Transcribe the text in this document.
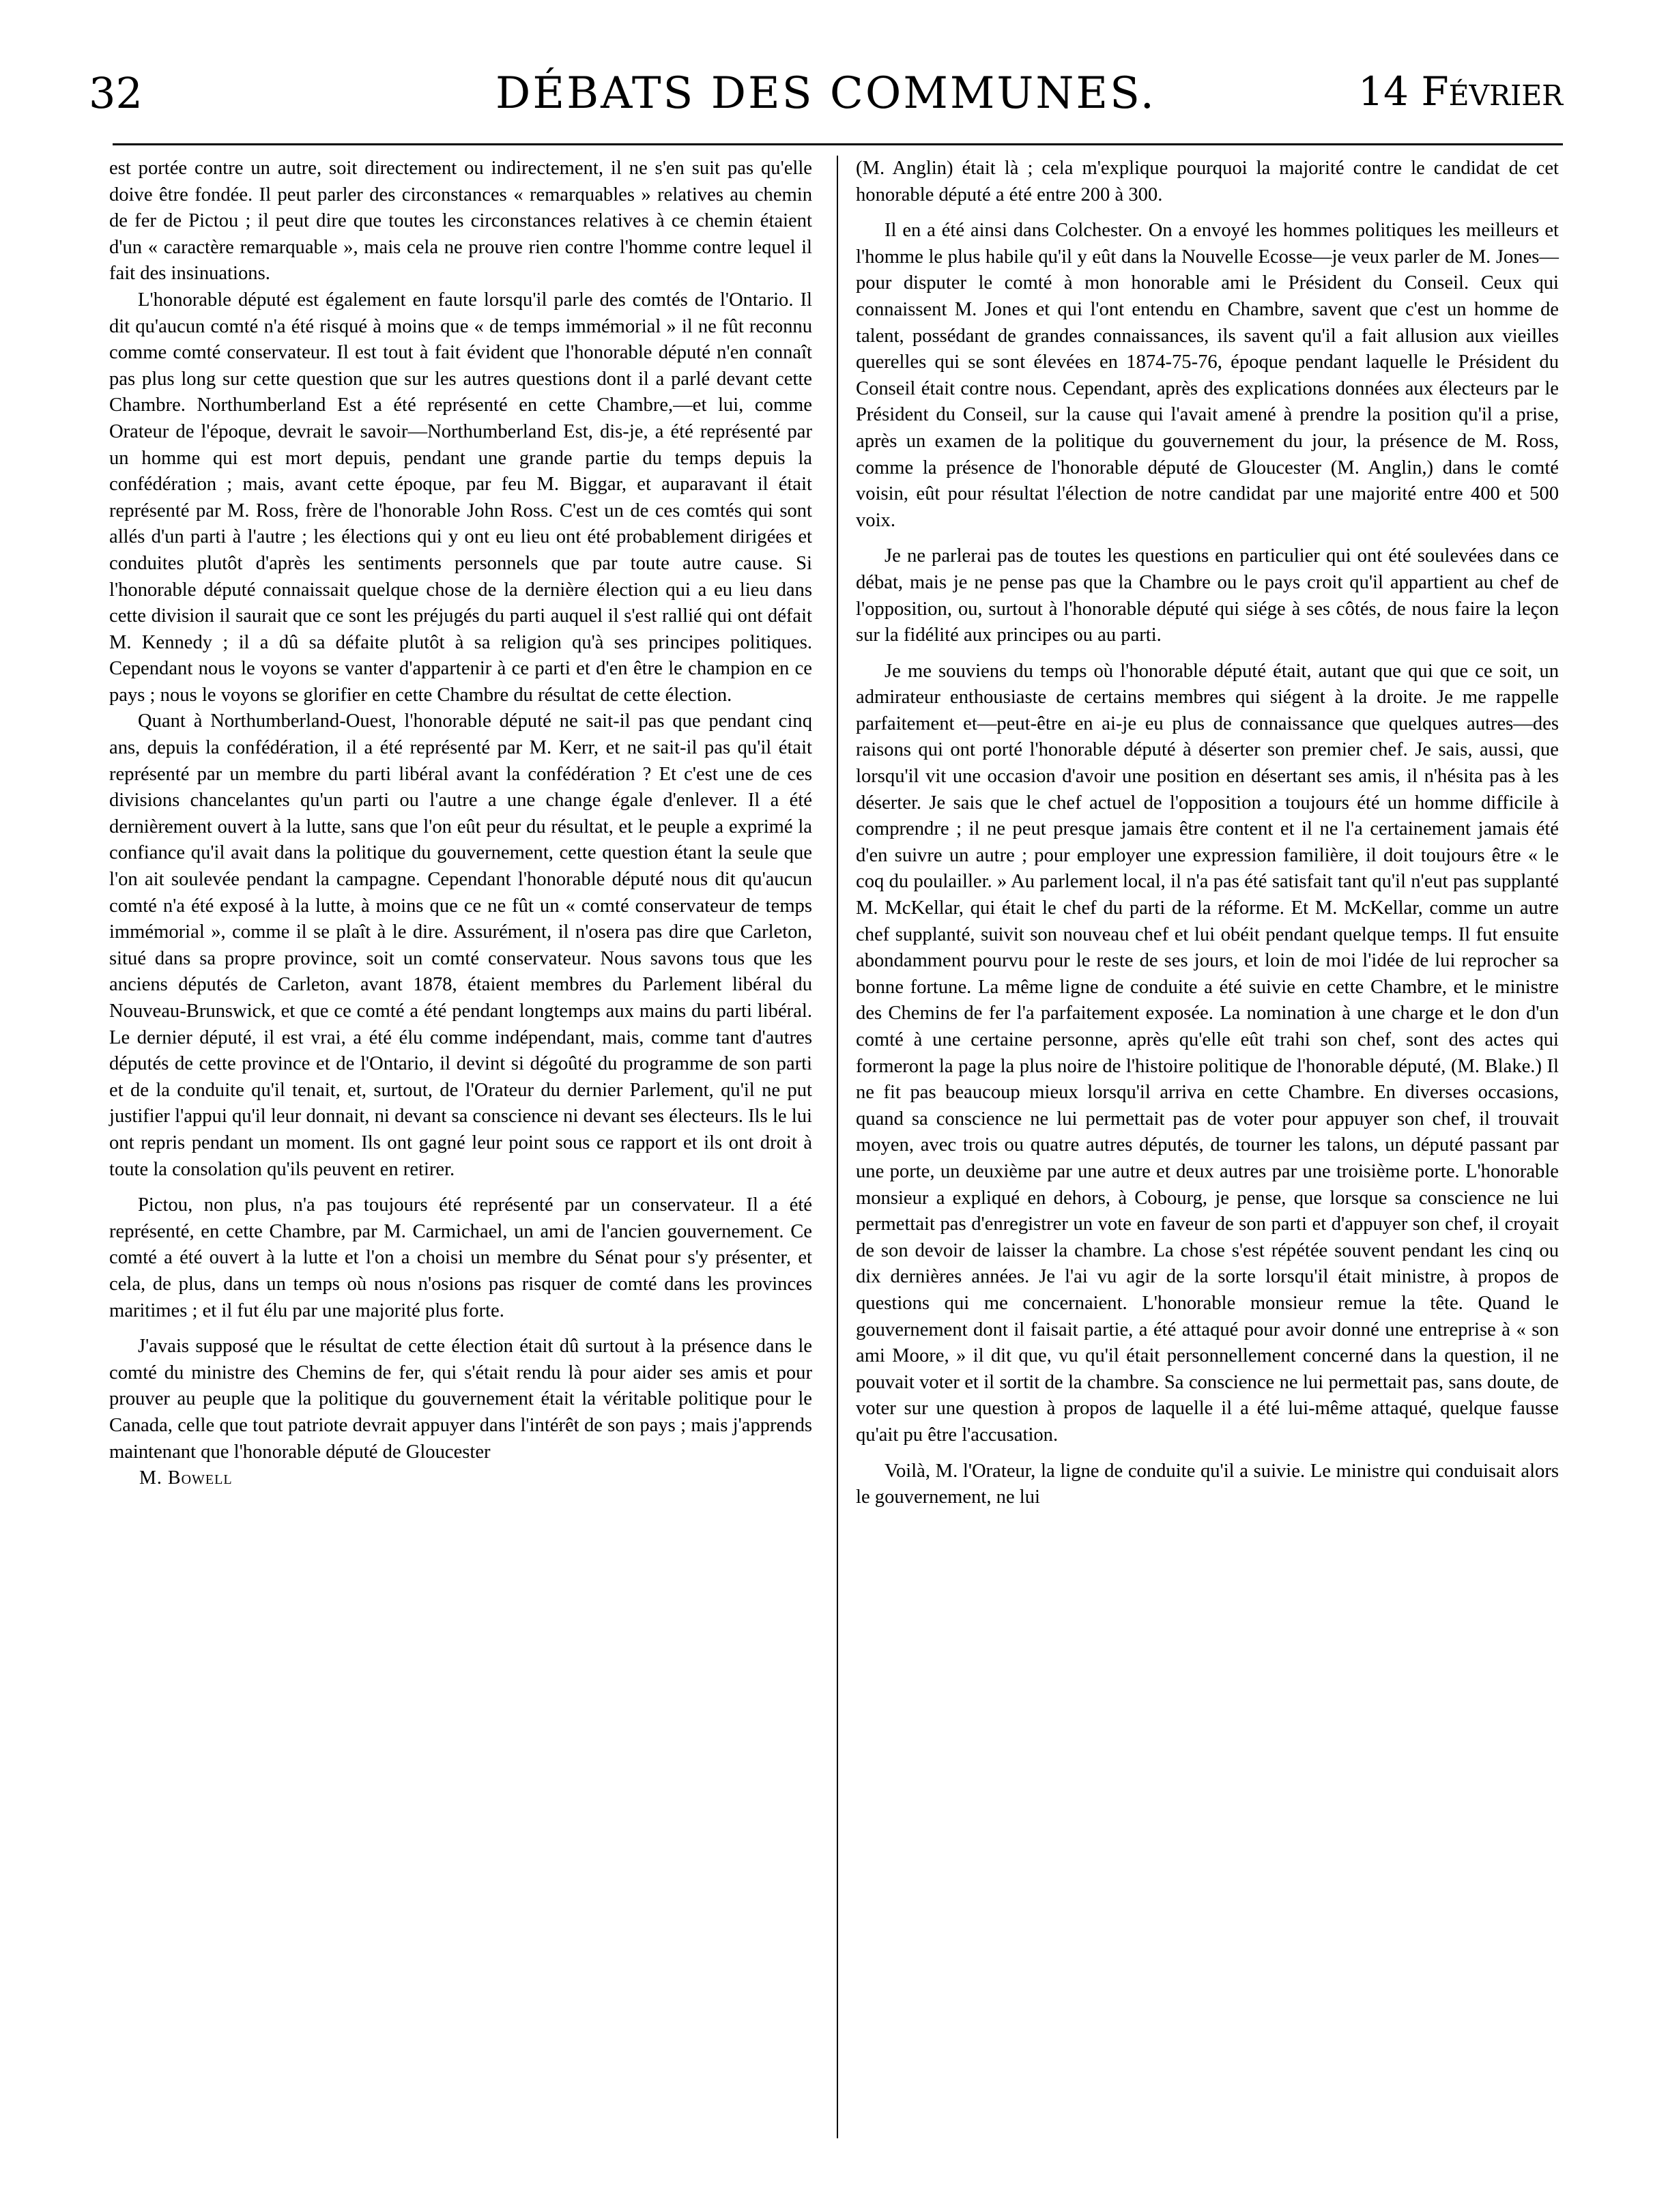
32	DÉBATS DES COMMUNES.	14 Février

est portée contre un autre, soit directement ou indirectement, il ne s'en suit pas qu'elle doive être fondée. Il peut parler des circonstances « remarquables » relatives au chemin de fer de Pictou ; il peut dire que toutes les circonstances relatives à ce chemin étaient d'un « caractère remarquable », mais cela ne prouve rien contre l'homme contre lequel il fait des insinuations.

L'honorable député est également en faute lorsqu'il parle des comtés de l'Ontario. Il dit qu'aucun comté n'a été risqué à moins que « de temps immémorial » il ne fût reconnu comme comté conservateur. Il est tout à fait évident que l'honorable député n'en connaît pas plus long sur cette question que sur les autres questions dont il a parlé devant cette Chambre. Northumberland Est a été représenté en cette Chambre,—et lui, comme Orateur de l'époque, devrait le savoir—Northumberland Est, dis-je, a été représenté par un homme qui est mort depuis, pendant une grande partie du temps depuis la confédération ; mais, avant cette époque, par feu M. Biggar, et auparavant il était représenté par M. Ross, frère de l'honorable John Ross. C'est un de ces comtés qui sont allés d'un parti à l'autre ; les élections qui y ont eu lieu ont été probablement dirigées et conduites plutôt d'après les sentiments personnels que par toute autre cause. Si l'honorable député connaissait quelque chose de la dernière élection qui a eu lieu dans cette division il saurait que ce sont les préjugés du parti auquel il s'est rallié qui ont défait M. Kennedy ; il a dû sa défaite plutôt à sa religion qu'à ses principes politiques. Cependant nous le voyons se vanter d'appartenir à ce parti et d'en être le champion en ce pays ; nous le voyons se glorifier en cette Chambre du résultat de cette élection.

Quant à Northumberland-Ouest, l'honorable député ne sait-il pas que pendant cinq ans, depuis la confédération, il a été représenté par M. Kerr, et ne sait-il pas qu'il était représenté par un membre du parti libéral avant la confédération ? Et c'est une de ces divisions chancelantes qu'un parti ou l'autre a une change égale d'enlever. Il a été dernièrement ouvert à la lutte, sans que l'on eût peur du résultat, et le peuple a exprimé la confiance qu'il avait dans la politique du gouvernement, cette question étant la seule que l'on ait soulevée pendant la campagne. Cependant l'honorable député nous dit qu'aucun comté n'a été exposé à la lutte, à moins que ce ne fût un « comté conservateur de temps immémorial », comme il se plaît à le dire. Assurément, il n'osera pas dire que Carleton, situé dans sa propre province, soit un comté conservateur. Nous savons tous que les anciens députés de Carleton, avant 1878, étaient membres du Parlement libéral du Nouveau-Brunswick, et que ce comté a été pendant longtemps aux mains du parti libéral. Le dernier député, il est vrai, a été élu comme indépendant, mais, comme tant d'autres députés de cette province et de l'Ontario, il devint si dégoûté du programme de son parti et de la conduite qu'il tenait, et, surtout, de l'Orateur du dernier Parlement, qu'il ne put justifier l'appui qu'il leur donnait, ni devant sa conscience ni devant ses électeurs. Ils le lui ont repris pendant un moment. Ils ont gagné leur point sous ce rapport et ils ont droit à toute la consolation qu'ils peuvent en retirer.

Pictou, non plus, n'a pas toujours été représenté par un conservateur. Il a été représenté, en cette Chambre, par M. Carmichael, un ami de l'ancien gouvernement. Ce comté a été ouvert à la lutte et l'on a choisi un membre du Sénat pour s'y présenter, et cela, de plus, dans un temps où nous n'osions pas risquer de comté dans les provinces maritimes ; et il fut élu par une majorité plus forte.

J'avais supposé que le résultat de cette élection était dû surtout à la présence dans le comté du ministre des Chemins de fer, qui s'était rendu là pour aider ses amis et pour prouver au peuple que la politique du gouvernement était la véritable politique pour le Canada, celle que tout patriote devrait appuyer dans l'intérêt de son pays ; mais j'apprends maintenant que l'honorable député de Gloucester

M. Bowell

(M. Anglin) était là ; cela m'explique pourquoi la majorité contre le candidat de cet honorable député a été entre 200 à 300.

Il en a été ainsi dans Colchester. On a envoyé les hommes politiques les meilleurs et l'homme le plus habile qu'il y eût dans la Nouvelle Ecosse—je veux parler de M. Jones—pour disputer le comté à mon honorable ami le Président du Conseil. Ceux qui connaissent M. Jones et qui l'ont entendu en Chambre, savent que c'est un homme de talent, possédant de grandes connaissances, ils savent qu'il a fait allusion aux vieilles querelles qui se sont élevées en 1874-75-76, époque pendant laquelle le Président du Conseil était contre nous. Cependant, après des explications données aux électeurs par le Président du Conseil, sur la cause qui l'avait amené à prendre la position qu'il a prise, après un examen de la politique du gouvernement du jour, la présence de M. Ross, comme la présence de l'honorable député de Gloucester (M. Anglin,) dans le comté voisin, eût pour résultat l'élection de notre candidat par une majorité entre 400 et 500 voix.

Je ne parlerai pas de toutes les questions en particulier qui ont été soulevées dans ce débat, mais je ne pense pas que la Chambre ou le pays croit qu'il appartient au chef de l'opposition, ou, surtout à l'honorable député qui siége à ses côtés, de nous faire la leçon sur la fidélité aux principes ou au parti.

Je me souviens du temps où l'honorable député était, autant que qui que ce soit, un admirateur enthousiaste de certains membres qui siégent à la droite. Je me rappelle parfaitement et—peut-être en ai-je eu plus de connaissance que quelques autres—des raisons qui ont porté l'honorable député à déserter son premier chef. Je sais, aussi, que lorsqu'il vit une occasion d'avoir une position en désertant ses amis, il n'hésita pas à les déserter. Je sais que le chef actuel de l'opposition a toujours été un homme difficile à comprendre ; il ne peut presque jamais être content et il ne l'a certainement jamais été d'en suivre un autre ; pour employer une expression familière, il doit toujours être « le coq du poulailler. » Au parlement local, il n'a pas été satisfait tant qu'il n'eut pas supplanté M. McKellar, qui était le chef du parti de la réforme. Et M. McKellar, comme un autre chef supplanté, suivit son nouveau chef et lui obéit pendant quelque temps. Il fut ensuite abondamment pourvu pour le reste de ses jours, et loin de moi l'idée de lui reprocher sa bonne fortune. La même ligne de conduite a été suivie en cette Chambre, et le ministre des Chemins de fer l'a parfaitement exposée. La nomination à une charge et le don d'un comté à une certaine personne, après qu'elle eût trahi son chef, sont des actes qui formeront la page la plus noire de l'histoire politique de l'honorable député, (M. Blake.) Il ne fit pas beaucoup mieux lorsqu'il arriva en cette Chambre. En diverses occasions, quand sa conscience ne lui permettait pas de voter pour appuyer son chef, il trouvait moyen, avec trois ou quatre autres députés, de tourner les talons, un député passant par une porte, un deuxième par une autre et deux autres par une troisième porte. L'honorable monsieur a expliqué en dehors, à Cobourg, je pense, que lorsque sa conscience ne lui permettait pas d'enregistrer un vote en faveur de son parti et d'appuyer son chef, il croyait de son devoir de laisser la chambre. La chose s'est répétée souvent pendant les cinq ou dix dernières années. Je l'ai vu agir de la sorte lorsqu'il était ministre, à propos de questions qui me concernaient. L'honorable monsieur remue la tête. Quand le gouvernement dont il faisait partie, a été attaqué pour avoir donné une entreprise à « son ami Moore, » il dit que, vu qu'il était personnellement concerné dans la question, il ne pouvait voter et il sortit de la chambre. Sa conscience ne lui permettait pas, sans doute, de voter sur une question à propos de laquelle il a été lui-même attaqué, quelque fausse qu'ait pu être l'accusation.

Voilà, M. l'Orateur, la ligne de conduite qu'il a suivie. Le ministre qui conduisait alors le gouvernement, ne lui
